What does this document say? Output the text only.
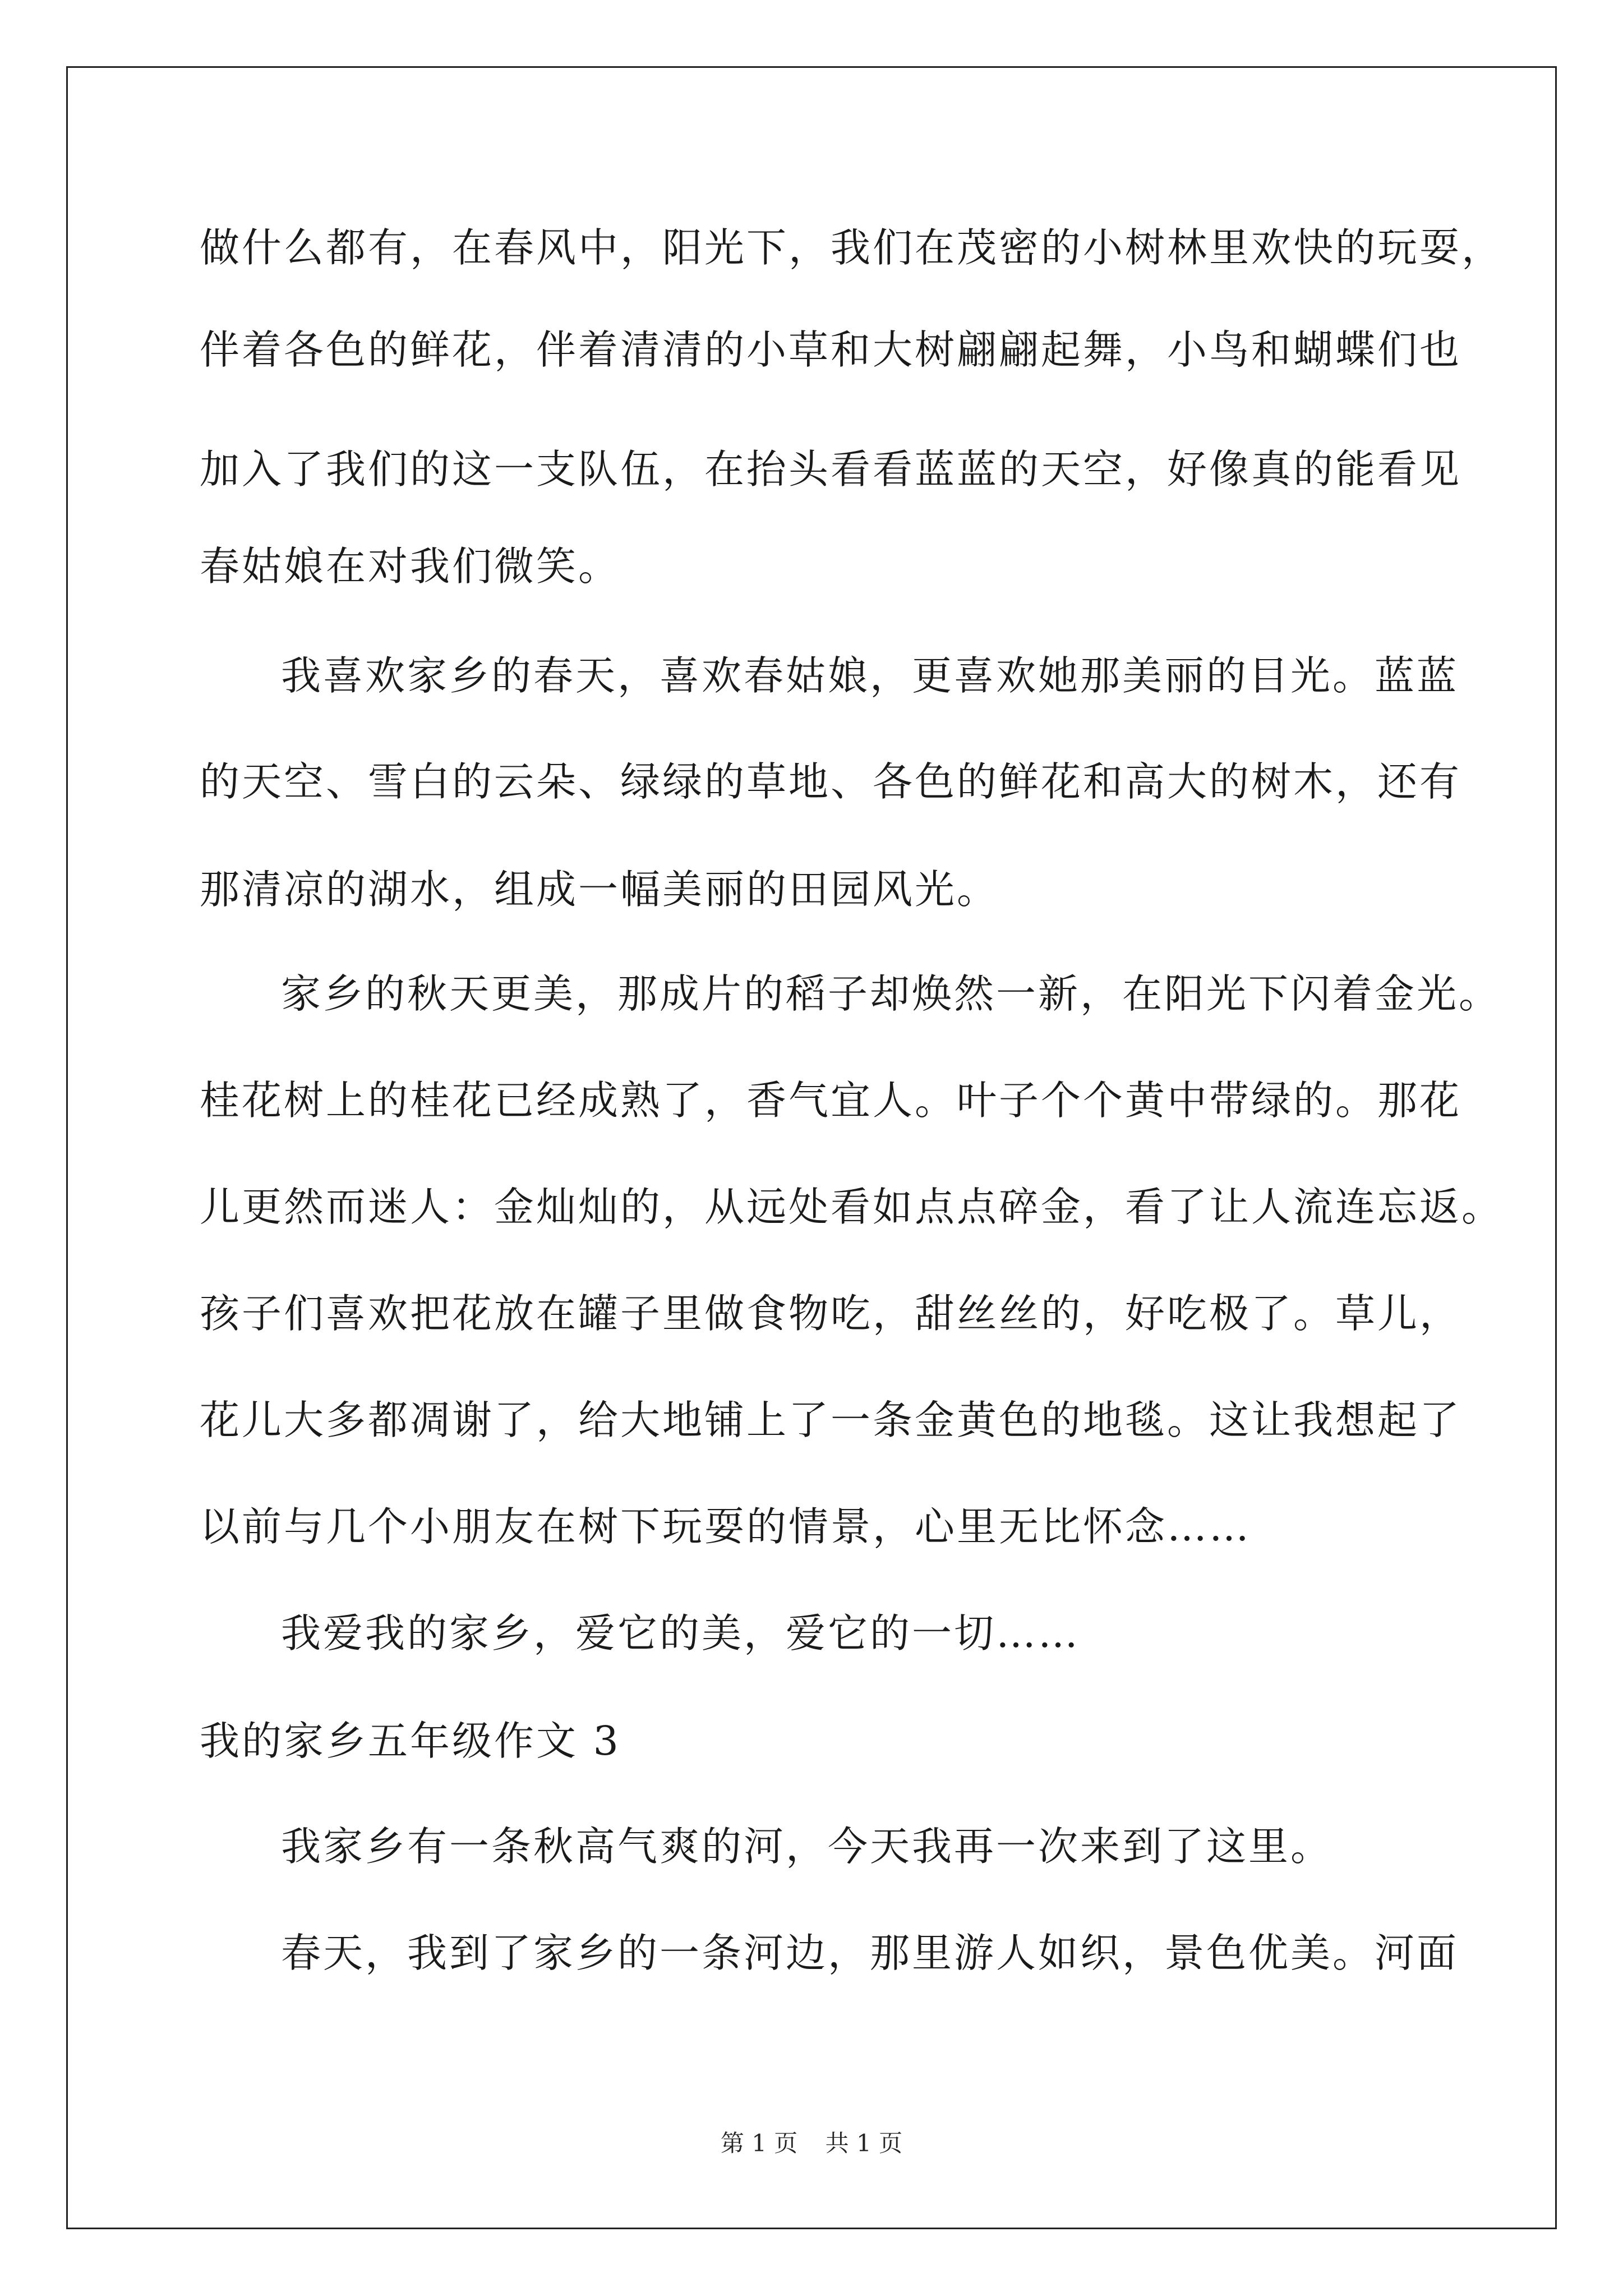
做什么都有，在春风中，阳光下，我们在茂密的小树林里欢快的玩耍，
伴着各色的鲜花，伴着清清的小草和大树翩翩起舞，小鸟和蝴蝶们也
加入了我们的这一支队伍，在抬头看看蓝蓝的天空，好像真的能看见
春姑娘在对我们微笑。
我喜欢家乡的春天，喜欢春姑娘，更喜欢她那美丽的目光。蓝蓝
的天空、雪白的云朵、绿绿的草地、各色的鲜花和高大的树木，还有
那清凉的湖水，组成一幅美丽的田园风光。
家乡的秋天更美，那成片的稻子却焕然一新，在阳光下闪着金光。
桂花树上的桂花已经成熟了，香气宜人。叶子个个黄中带绿的。那花
儿更然而迷人：金灿灿的，从远处看如点点碎金，看了让人流连忘返。
孩子们喜欢把花放在罐子里做食物吃，甜丝丝的，好吃极了。草儿，
花儿大多都凋谢了，给大地铺上了一条金黄色的地毯。这让我想起了
以前与几个小朋友在树下玩耍的情景，心里无比怀念……
我爱我的家乡，爱它的美，爱它的一切……
我的家乡五年级作文 3
我家乡有一条秋高气爽的河，今天我再一次来到了这里。
春天，我到了家乡的一条河边，那里游人如织，景色优美。河面
第 1 页 共 1 页
